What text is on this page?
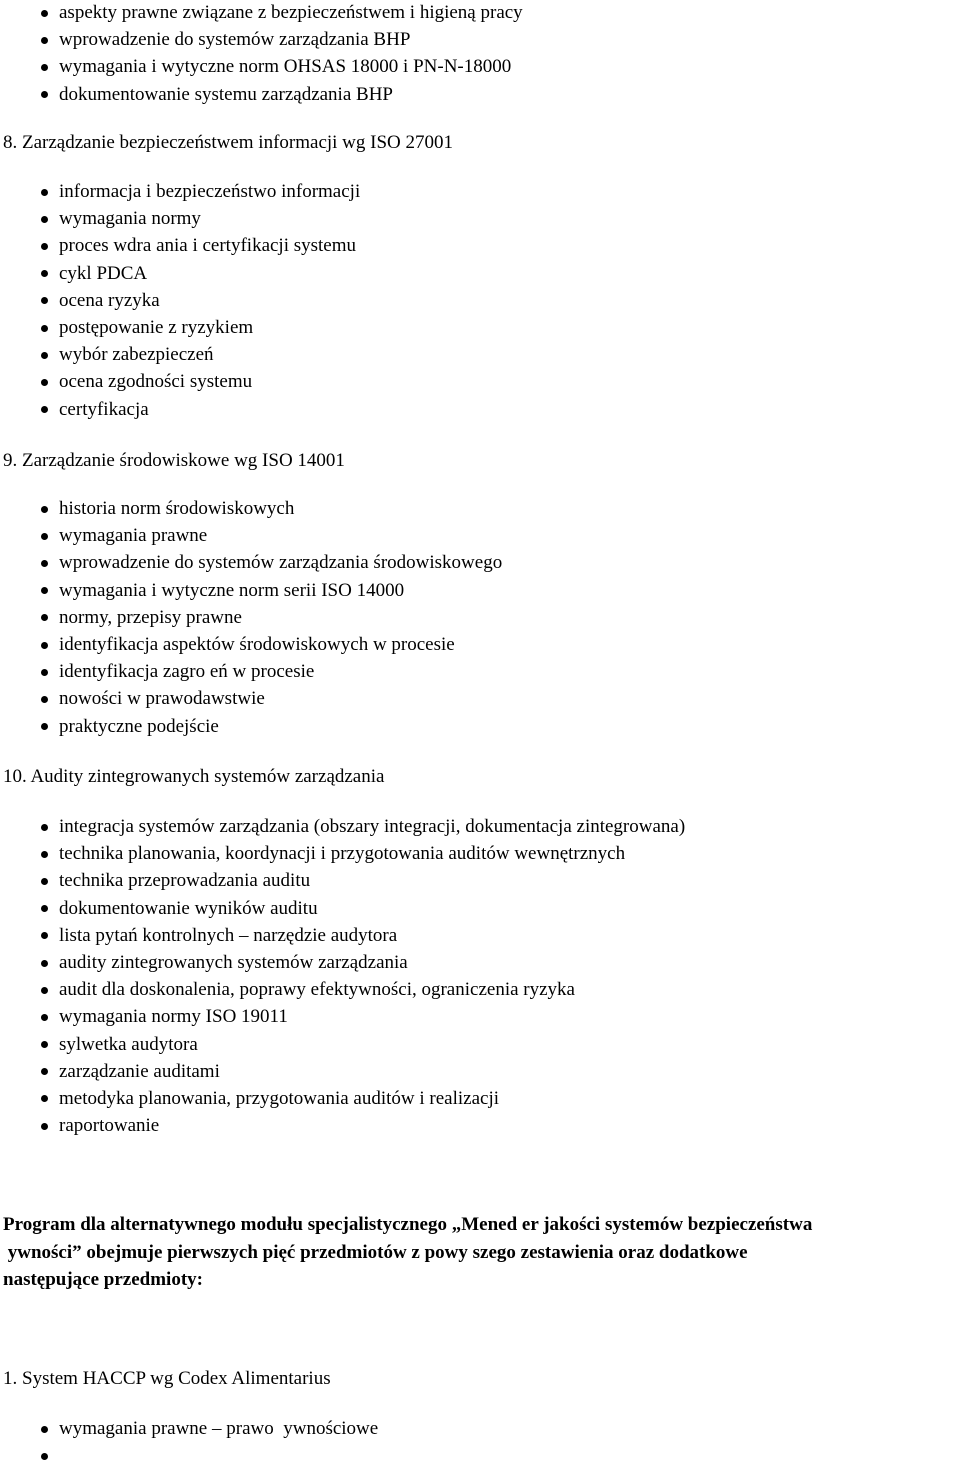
aspekty prawne związane z bezpieczeństwem i higieną pracy
wprowadzenie do systemów zarządzania BHP
wymagania i wytyczne norm OHSAS 18000 i PN-N-18000
dokumentowanie systemu zarządzania BHP
8. Zarządzanie bezpieczeństwem informacji wg ISO 27001
informacja i bezpieczeństwo informacji
wymagania normy
proces wdra ania i certyfikacji systemu
cykl PDCA
ocena ryzyka
postępowanie z ryzykiem
wybór zabezpieczeń
ocena zgodności systemu
certyfikacja
9. Zarządzanie środowiskowe wg ISO 14001
historia norm środowiskowych
wymagania prawne
wprowadzenie do systemów zarządzania środowiskowego
wymagania i wytyczne norm serii ISO 14000
normy, przepisy prawne
identyfikacja aspektów środowiskowych w procesie
identyfikacja zagro eń w procesie
nowości w prawodawstwie
praktyczne podejście
10. Audity zintegrowanych systemów zarządzania
integracja systemów zarządzania (obszary integracji, dokumentacja zintegrowana)
technika planowania, koordynacji i przygotowania auditów wewnętrznych
technika przeprowadzania auditu
dokumentowanie wyników auditu
lista pytań kontrolnych – narzędzie audytora
audity zintegrowanych systemów zarządzania
audit dla doskonalenia, poprawy efektywności, ograniczenia ryzyka
wymagania normy ISO 19011
sylwetka audytora
zarządzanie auditami
metodyka planowania, przygotowania auditów i realizacji
raportowanie
Program dla alternatywnego modułu specjalistycznego „Mened er jakości systemów bezpieczeństwa
ywności” obejmuje pierwszych pięć przedmiotów z powy szego zestawienia oraz dodatkowe
następujące przedmioty:
1. System HACCP wg Codex Alimentarius
wymagania prawne – prawo  ywnościowe
